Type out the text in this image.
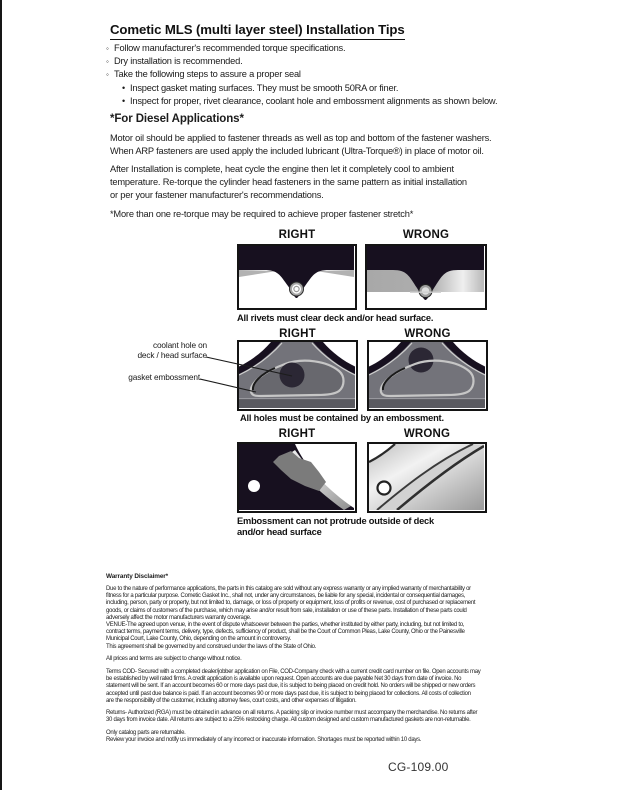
Cometic MLS (multi layer steel) Installation Tips
◦ Follow manufacturer's recommended torque specifications.
◦ Dry installation is recommended.
◦ Take the following steps to assure a proper seal
• Inspect gasket mating surfaces. They must be smooth 50RA or finer.
• Inspect for proper, rivet clearance, coolant hole and embossment alignments as shown below.
*For Diesel Applications*
Motor oil should be applied to fastener threads as well as top and bottom of the fastener washers.
When ARP fasteners are used apply the included lubricant (Ultra-Torque®) in place of motor oil.
After Installation is complete, heat cycle the engine then let it completely cool to ambient
temperature. Re-torque the cylinder head fasteners in the same pattern as initial installation
or per your fastener manufacturer's recommendations.
*More than one re-torque may be required to achieve proper fastener stretch*
RIGHT	WRONG
All rivets must clear deck and/or head surface.
coolant hole on
deck / head surface
gasket embossment
RIGHT	WRONG
All holes must be contained by an embossment.
RIGHT	WRONG
Embossment can not protrude outside of deck
and/or head surface
Warranty Disclaimer*
Due to the nature of performance applications, the parts in this catalog are sold without any express warranty or any implied warranty of merchantability or
fitness for a particular purpose. Cometic Gasket Inc., shall not, under any circumstances, be liable for any special, incidental or consequential damages,
including, person, party or property, but not limited to, damage, or loss of property or equipment, loss of profits or revenue, cost of purchased or replacement
goods, or claims of customers of the purchase, which may arise and/or result from sale, installation or use of these parts. Installation of these parts could
adversely affect the motor manufacturers warranty coverage.
VENUE-The agreed upon venue, in the event of dispute whatsoever between the parties, whether instituted by either party, including, but not limited to,
contract terms, payment terms, delivery, type, defects, sufficiency of product, shall be the Court of Common Pleas, Lake County, Ohio or the Painesville
Municipal Court, Lake County, Ohio, depending on the amount in controversy.
This agreement shall be governed by and construed under the laws of the State of Ohio.
All prices and terms are subject to change without notice.
Terms COD- Secured with a completed dealer/jobber application on File, COD-Company check with a current credit card number on file. Open accounts may
be established by well rated firms. A credit application is available upon request. Open accounts are due payable Net 30 days from date of invoice. No
statement will be sent. If an account becomes 60 or more days past due, it is subject to being placed on credit hold. No orders will be shipped or new orders
accepted until past due balance is paid. If an account becomes 90 or more days past due, it is subject to being placed for collections. All costs of collection
are the responsibility of the customer, including attorney fees, court costs, and other expenses of litigation.
Returns- Authorized (RGA) must be obtained in advance on all returns. A packing slip or invoice number must accompany the merchandise. No returns after
30 days from invoice date. All returns are subject to a 25% restocking charge. All custom designed and custom manufactured gaskets are non-returnable.
Only catalog parts are returnable.
Review your invoice and notify us immediately of any incorrect or inaccurate information. Shortages must be reported within 10 days.
CG-109.00
